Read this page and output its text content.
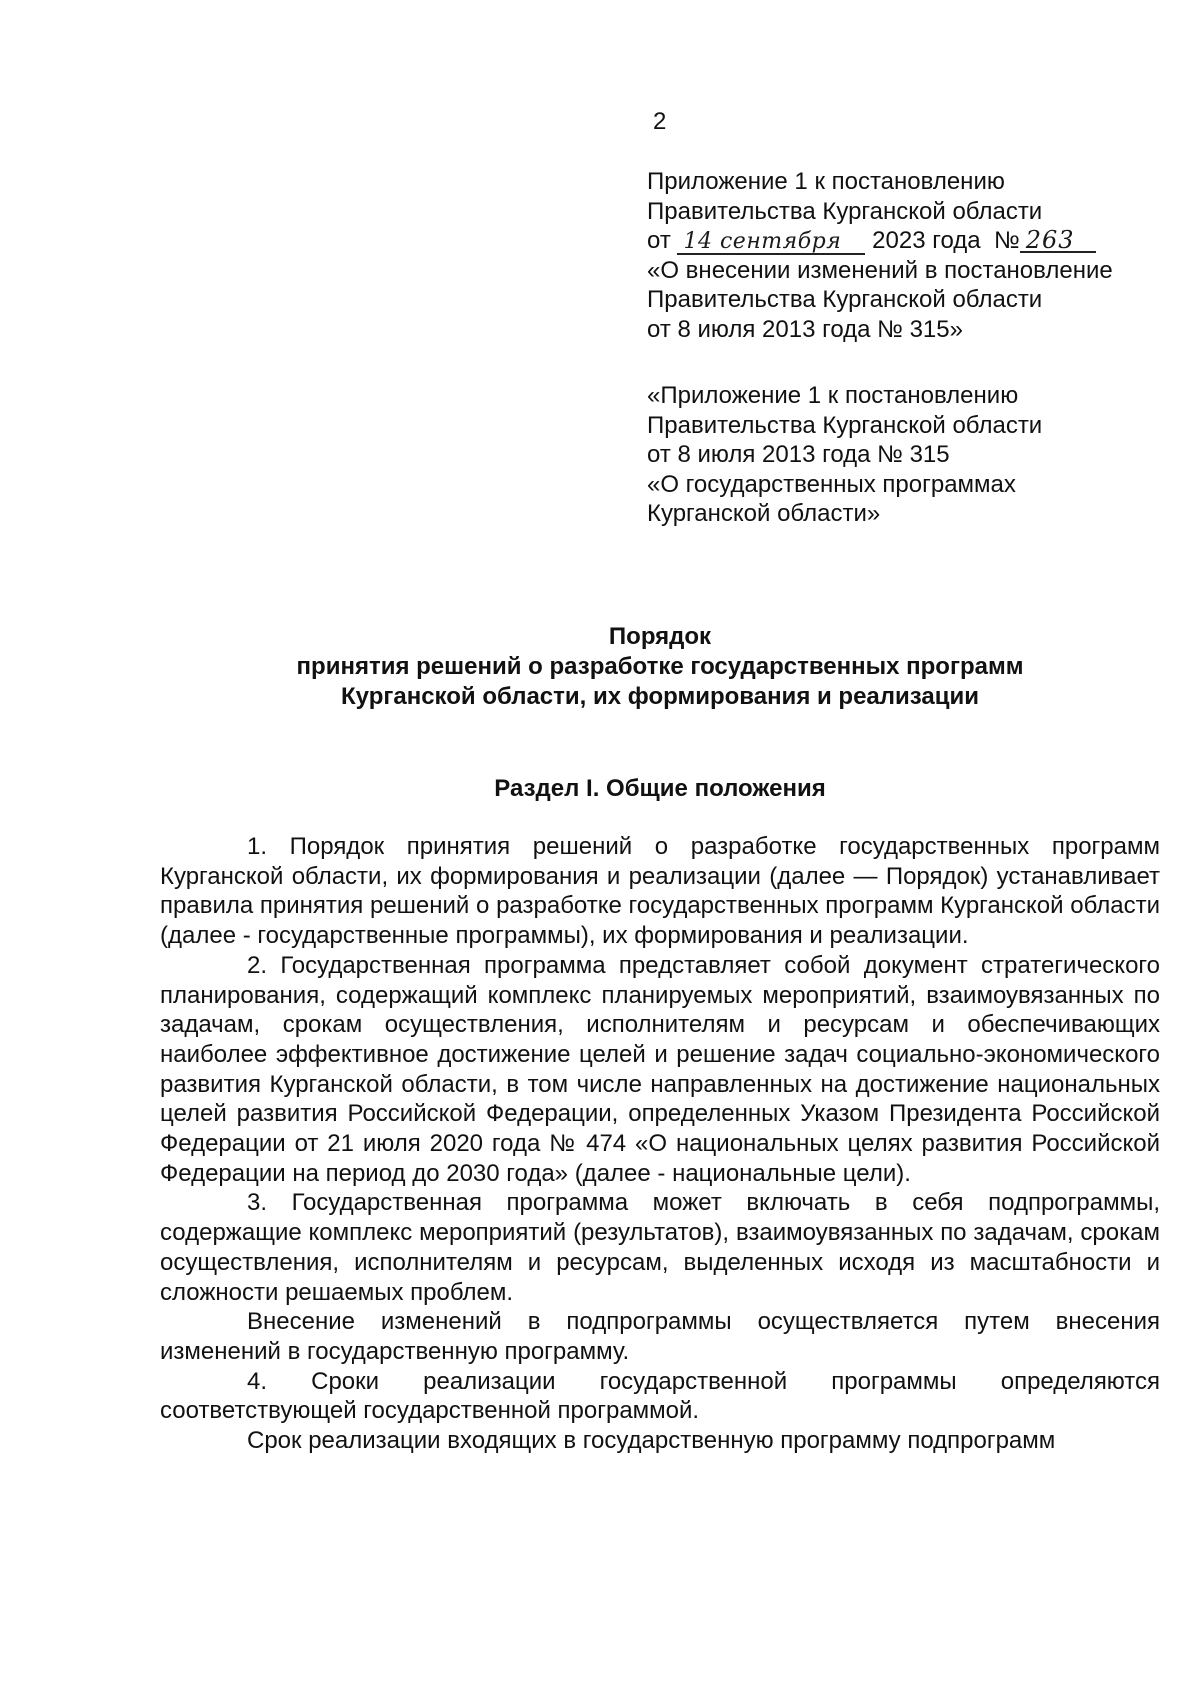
2
Приложение 1 к постановлению
Правительства Курганской области
от 14 сентября 2023 года № 263
«О внесении изменений в постановление
Правительства Курганской области
от 8 июля 2013 года № 315»
«Приложение 1 к постановлению
Правительства Курганской области
от 8 июля 2013 года № 315
«О государственных программах
Курганской области»
Порядок
принятия решений о разработке государственных программ
Курганской области, их формирования и реализации
Раздел I. Общие положения

1. Порядок принятия решений о разработке государственных программ Курганской области, их формирования и реализации (далее — Порядок) устанавливает правила принятия решений о разработке государственных программ Курганской области (далее - государственные программы), их формирования и реализации.

2. Государственная программа представляет собой документ стратегического планирования, содержащий комплекс планируемых мероприятий, взаимоувязанных по задачам, срокам осуществления, исполнителям и ресурсам и обеспечивающих наиболее эффективное достижение целей и решение задач социально-экономического развития Курганской области, в том числе направленных на достижение национальных целей развития Российской Федерации, определенных Указом Президента Российской Федерации от 21 июля 2020 года № 474 «О национальных целях развития Российской Федерации на период до 2030 года» (далее - национальные цели).

3. Государственная программа может включать в себя подпрограммы, содержащие комплекс мероприятий (результатов), взаимоувязанных по задачам, срокам осуществления, исполнителям и ресурсам, выделенных исходя из масштабности и сложности решаемых проблем.

Внесение изменений в подпрограммы осуществляется путем внесения изменений в государственную программу.

4. Сроки реализации государственной программы определяются соответствующей государственной программой.

Срок реализации входящих в государственную программу подпрограмм
